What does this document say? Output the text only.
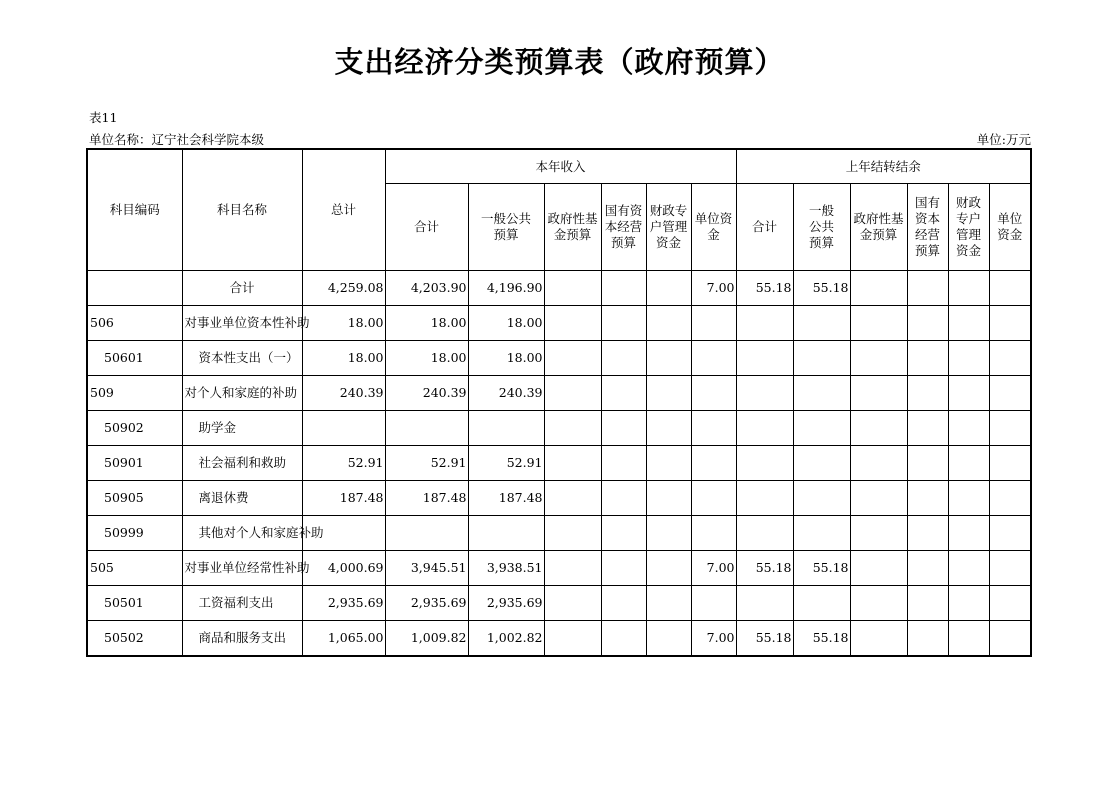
支出经济分类预算表（政府预算）
表11
单位名称：辽宁社会科学院本级	单位:万元
科目编码	科目名称	总计	本年收入						上年结转结余					
			合计	一般公共预算	政府性基金预算	国有资本经营预算	财政专户管理资金	单位资金	合计	一般公共预算	政府性基金预算	国有资本经营预算	财政专户管理资金	单位资金
	合计	4,259.08	4,203.90	4,196.90				7.00	55.18	55.18				
506	对事业单位资本性补助	18.00	18.00	18.00										
50601	资本性支出（一）	18.00	18.00	18.00										
509	对个人和家庭的补助	240.39	240.39	240.39										
50902	助学金													
50901	社会福利和救助	52.91	52.91	52.91										
50905	离退休费	187.48	187.48	187.48										
50999	其他对个人和家庭补助													
505	对事业单位经常性补助	4,000.69	3,945.51	3,938.51				7.00	55.18	55.18				
50501	工资福利支出	2,935.69	2,935.69	2,935.69										
50502	商品和服务支出	1,065.00	1,009.82	1,002.82				7.00	55.18	55.18				
